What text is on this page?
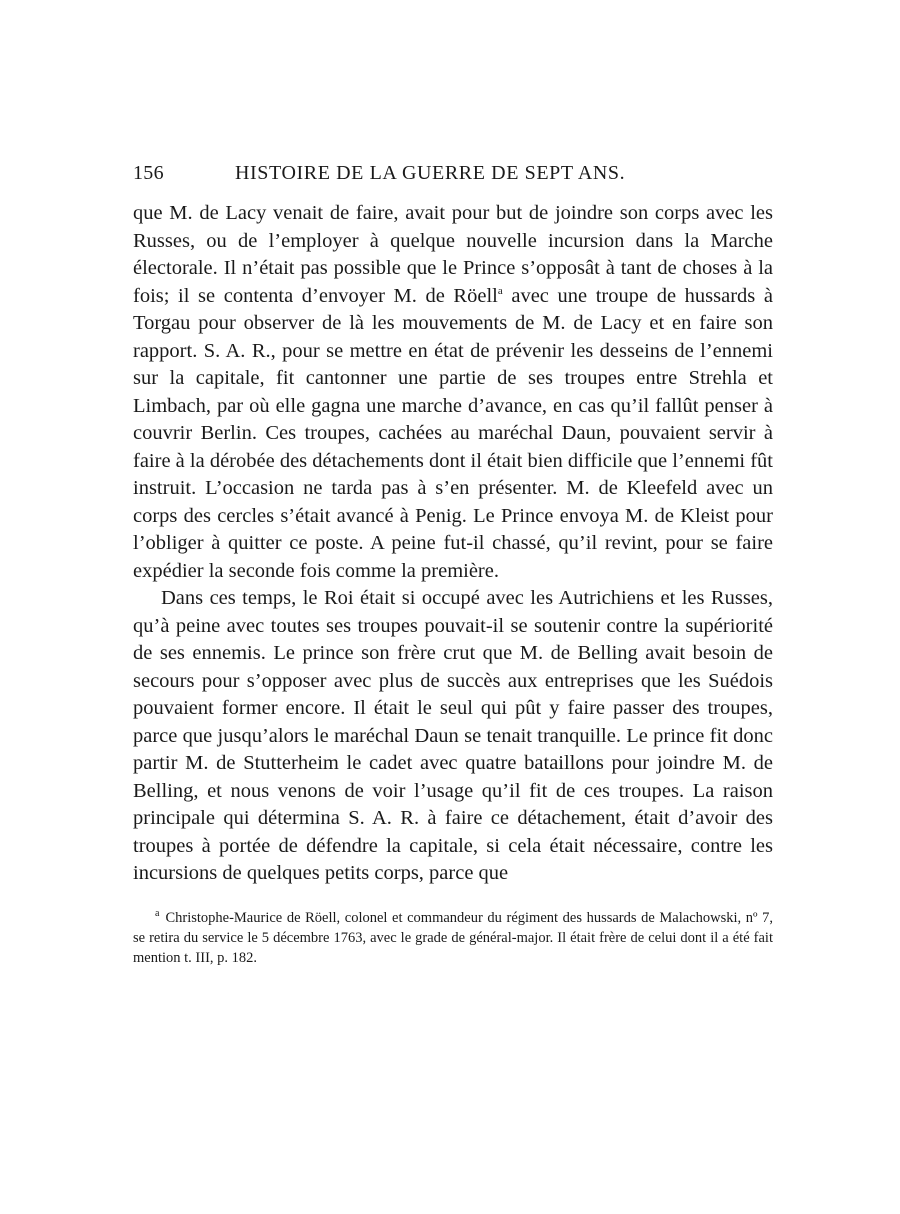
156	HISTOIRE DE LA GUERRE DE SEPT ANS.

que M. de Lacy venait de faire, avait pour but de joindre son corps avec les Russes, ou de l’employer à quelque nouvelle incursion dans la Marche électorale. Il n’était pas possible que le Prince s’opposât à tant de choses à la fois; il se contenta d’envoyer M. de Röell$^a$ avec une troupe de hussards à Torgau pour observer de là les mouvements de M. de Lacy et en faire son rapport. S. A. R., pour se mettre en état de prévenir les desseins de l’ennemi sur la capitale, fit cantonner une partie de ses troupes entre Strehla et Limbach, par où elle gagna une marche d’avance, en cas qu’il fallût penser à couvrir Berlin. Ces troupes, cachées au maréchal Daun, pouvaient servir à faire à la dérobée des détachements dont il était bien difficile que l’ennemi fût instruit. L’occasion ne tarda pas à s’en présenter. M. de Kleefeld avec un corps des cercles s’était avancé à Penig. Le Prince envoya M. de Kleist pour l’obliger à quitter ce poste. A peine fut-il chassé, qu’il revint, pour se faire expédier la seconde fois comme la première.

Dans ces temps, le Roi était si occupé avec les Autrichiens et les Russes, qu’à peine avec toutes ses troupes pouvait-il se soutenir contre la supériorité de ses ennemis. Le prince son frère crut que M. de Belling avait besoin de secours pour s’opposer avec plus de succès aux entreprises que les Suédois pouvaient former encore. Il était le seul qui pût y faire passer des troupes, parce que jusqu’alors le maréchal Daun se tenait tranquille. Le prince fit donc partir M. de Stutterheim le cadet avec quatre bataillons pour joindre M. de Belling, et nous venons de voir l’usage qu’il fit de ces troupes. La raison principale qui détermina S. A. R. à faire ce détachement, était d’avoir des troupes à portée de défendre la capitale, si cela était nécessaire, contre les incursions de quelques petits corps, parce que

$^a$ Christophe-Maurice de Röell, colonel et commandeur du régiment des hussards de Malachowski, nº 7, se retira du service le 5 décembre 1763, avec le grade de général-major. Il était frère de celui dont il a été fait mention t. III, p. 182.
